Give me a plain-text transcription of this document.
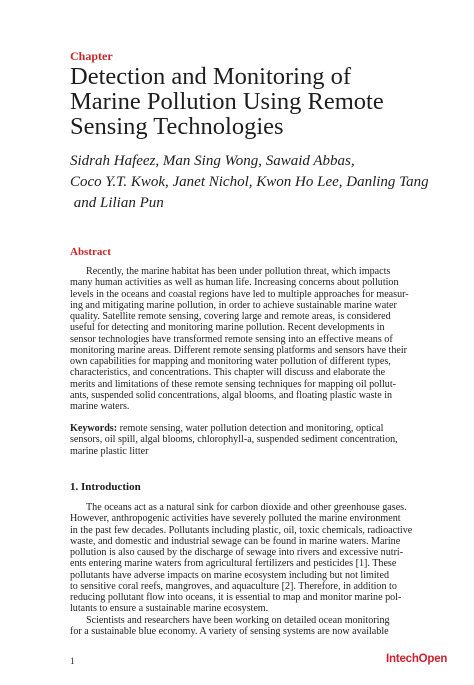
Chapter

Detection and Monitoring of
Marine Pollution Using Remote
Sensing Technologies
Sidrah Hafeez, Man Sing Wong, Sawaid Abbas,
Coco Y.T. Kwok, Janet Nichol, Kwon Ho Lee, Danling Tang
and Lilian Pun

Abstract

Recently, the marine habitat has been under pollution threat, which impacts
many human activities as well as human life. Increasing concerns about pollution
levels in the oceans and coastal regions have led to multiple approaches for measur-
ing and mitigating marine pollution, in order to achieve sustainable marine water
quality. Satellite remote sensing, covering large and remote areas, is considered
useful for detecting and monitoring marine pollution. Recent developments in
sensor technologies have transformed remote sensing into an effective means of
monitoring marine areas. Different remote sensing platforms and sensors have their
own capabilities for mapping and monitoring water pollution of different types,
characteristics, and concentrations. This chapter will discuss and elaborate the
merits and limitations of these remote sensing techniques for mapping oil pollut-
ants, suspended solid concentrations, algal blooms, and floating plastic waste in
marine waters.
Keywords: remote sensing, water pollution detection and monitoring, optical
sensors, oil spill, algal blooms, chlorophyll-a, suspended sediment concentration,
marine plastic litter
1. Introduction
The oceans act as a natural sink for carbon dioxide and other greenhouse gases.
However, anthropogenic activities have severely polluted the marine environment
in the past few decades. Pollutants including plastic, oil, toxic chemicals, radioactive
waste, and domestic and industrial sewage can be found in marine waters. Marine
pollution is also caused by the discharge of sewage into rivers and excessive nutri-
ents entering marine waters from agricultural fertilizers and pesticides [1]. These
pollutants have adverse impacts on marine ecosystem including but not limited
to sensitive coral reefs, mangroves, and aquaculture [2]. Therefore, in addition to
reducing pollutant flow into oceans, it is essential to map and monitor marine pol-
lutants to ensure a sustainable marine ecosystem.
Scientists and researchers have been working on detailed ocean monitoring
for a sustainable blue economy. A variety of sensing systems are now available

1	IntechOpen
